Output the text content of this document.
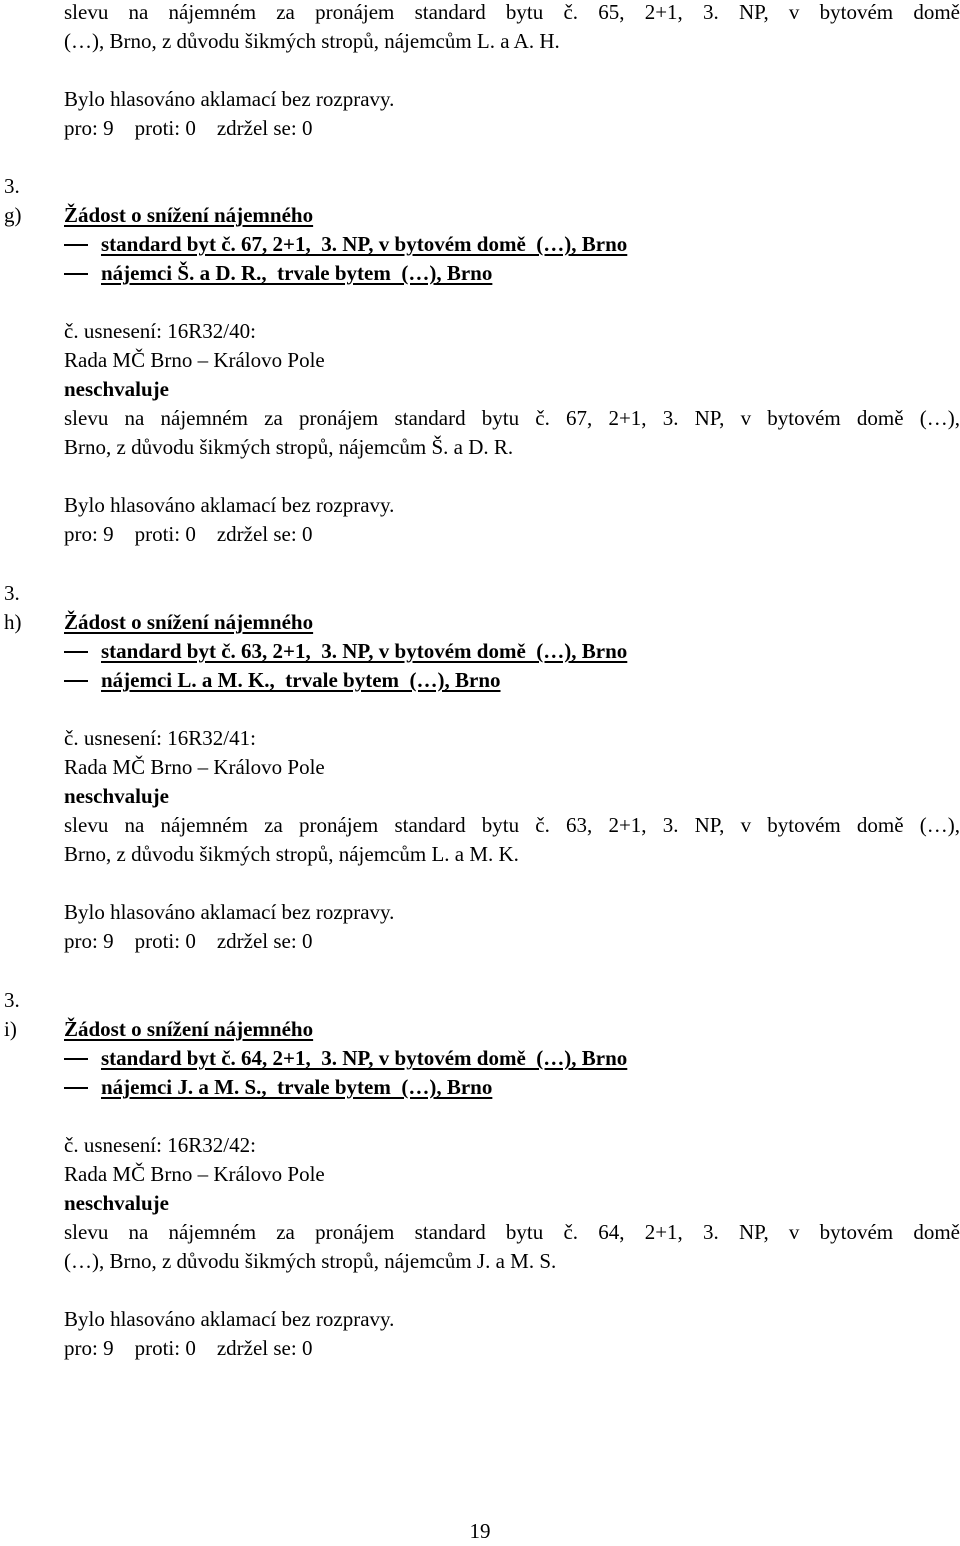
slevu na nájemném za pronájem standard bytu č. 65, 2+1, 3. NP, v bytovém domě
(…), Brno, z důvodu šikmých stropů, nájemcům L. a A. H.
Bylo hlasováno aklamací bez rozpravy.
pro: 9    proti: 0    zdržel se: 0
3.
g) Žádost o snížení nájemného
standard byt č. 67, 2+1,  3. NP, v bytovém domě  (…), Brno
nájemci Š. a D. R.,  trvale bytem  (…), Brno
č. usnesení: 16R32/40:
Rada MČ Brno – Královo Pole
neschvaluje
slevu na nájemném za pronájem standard bytu č. 67, 2+1, 3. NP, v bytovém domě (…),
Brno, z důvodu šikmých stropů, nájemcům Š. a D. R.
Bylo hlasováno aklamací bez rozpravy.
pro: 9    proti: 0    zdržel se: 0
3.
h) Žádost o snížení nájemného
standard byt č. 63, 2+1,  3. NP, v bytovém domě  (…), Brno
nájemci L. a M. K.,  trvale bytem  (…), Brno
č. usnesení: 16R32/41:
Rada MČ Brno – Královo Pole
neschvaluje
slevu na nájemném za pronájem standard bytu č. 63, 2+1, 3. NP, v bytovém domě (…),
Brno, z důvodu šikmých stropů, nájemcům L. a M. K.
Bylo hlasováno aklamací bez rozpravy.
pro: 9    proti: 0    zdržel se: 0
3.
i) Žádost o snížení nájemného
standard byt č. 64, 2+1,  3. NP, v bytovém domě  (…), Brno
nájemci J. a M. S.,  trvale bytem  (…), Brno
č. usnesení: 16R32/42:
Rada MČ Brno – Královo Pole
neschvaluje
slevu na nájemném za pronájem standard bytu č. 64, 2+1, 3. NP, v bytovém domě
(…), Brno, z důvodu šikmých stropů, nájemcům J. a M. S.
Bylo hlasováno aklamací bez rozpravy.
pro: 9    proti: 0    zdržel se: 0
19
